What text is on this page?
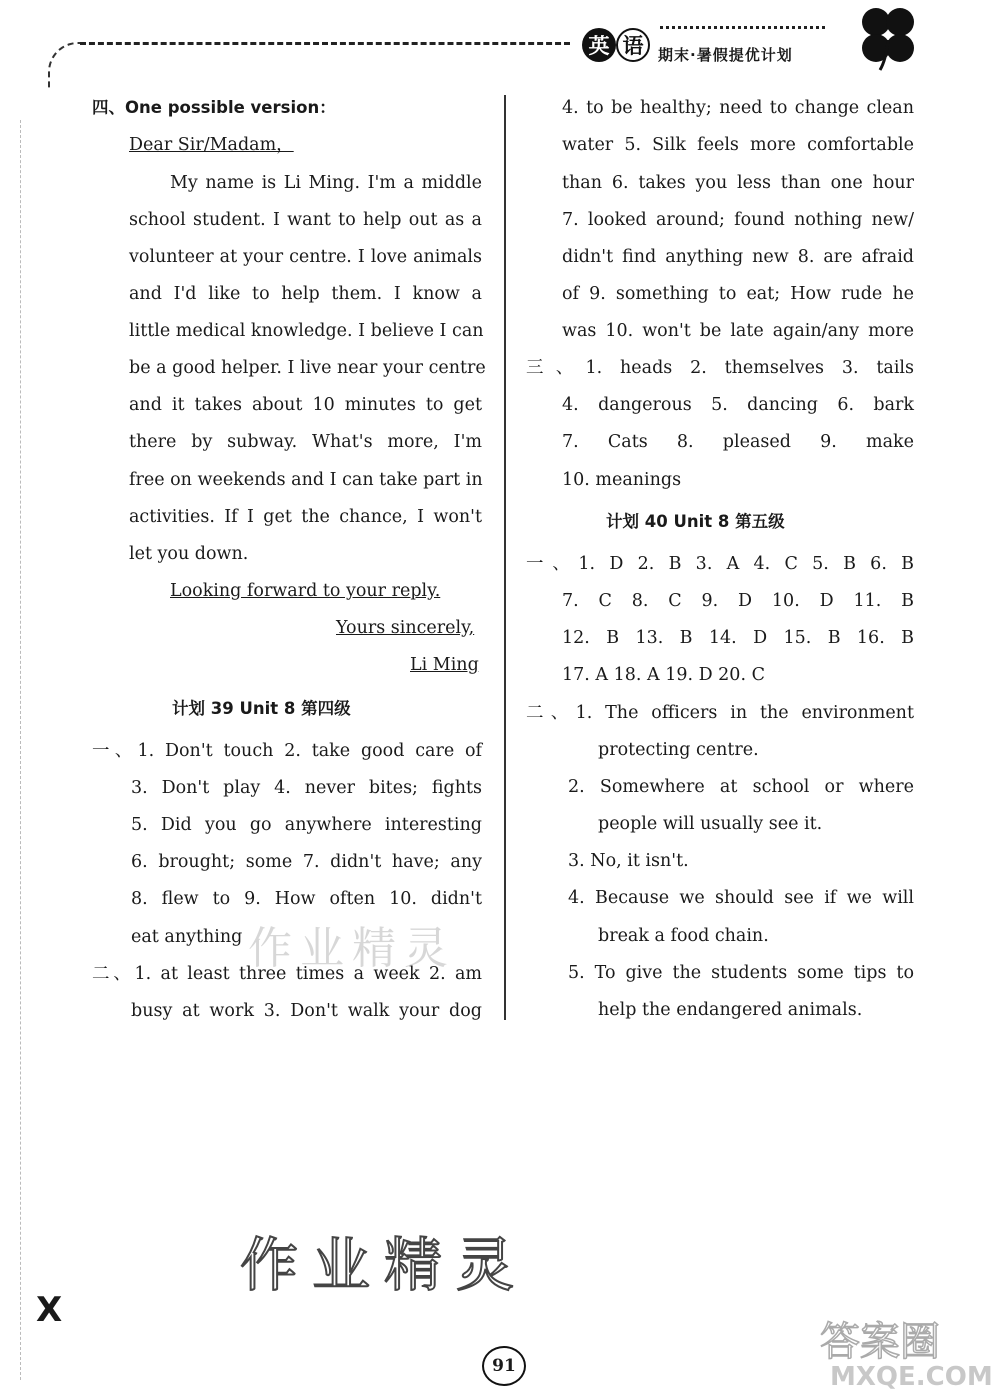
英 语 期末·暑假提优计划
四、One possible version：
Dear Sir/Madam，
My name is Li Ming. I'm a middle
school student. I want to help out as a
volunteer at your centre. I love animals
and I'd like to help them. I know a
little medical knowledge. I believe I can
be a good helper. I live near your centre
and it takes about 10 minutes to get
there by subway. What's more, I'm
free on weekends and I can take part in
activities. If I get the chance, I won't
let you down.
Looking forward to your reply.
Yours sincerely,
Li Ming
计划 39 Unit 8 第四级
一、1. Don't touch 2. take good care of
3. Don't play 4. never bites; fights
5. Did you go anywhere interesting
6. brought; some 7. didn't have; any
8. flew to 9. How often 10. didn't
eat anything
二、1. at least three times a week 2. am
busy at work 3. Don't walk your dog
4. to be healthy; need to change clean
water 5. Silk feels more comfortable
than 6. takes you less than one hour
7. looked around; found nothing new/
didn't find anything new 8. are afraid
of 9. something to eat; How rude he
was 10. won't be late again/any more
三、1. heads 2. themselves 3. tails
4. dangerous 5. dancing 6. bark
7. Cats 8. pleased 9. make
10. meanings
计划 40 Unit 8 第五级
一、1. D 2. B 3. A 4. C 5. B 6. B
7. C 8. C 9. D 10. D 11. B
12. B 13. B 14. D 15. B 16. B
17. A 18. A 19. D 20. C
二、1. The officers in the environment
protecting centre.
2. Somewhere at school or where
people will usually see it.
3. No, it isn't.
4. Because we should see if we will
break a food chain.
5. To give the students some tips to
help the endangered animals.
作业精灵
作业精灵
答案圈
MXQE.COM
X
91
